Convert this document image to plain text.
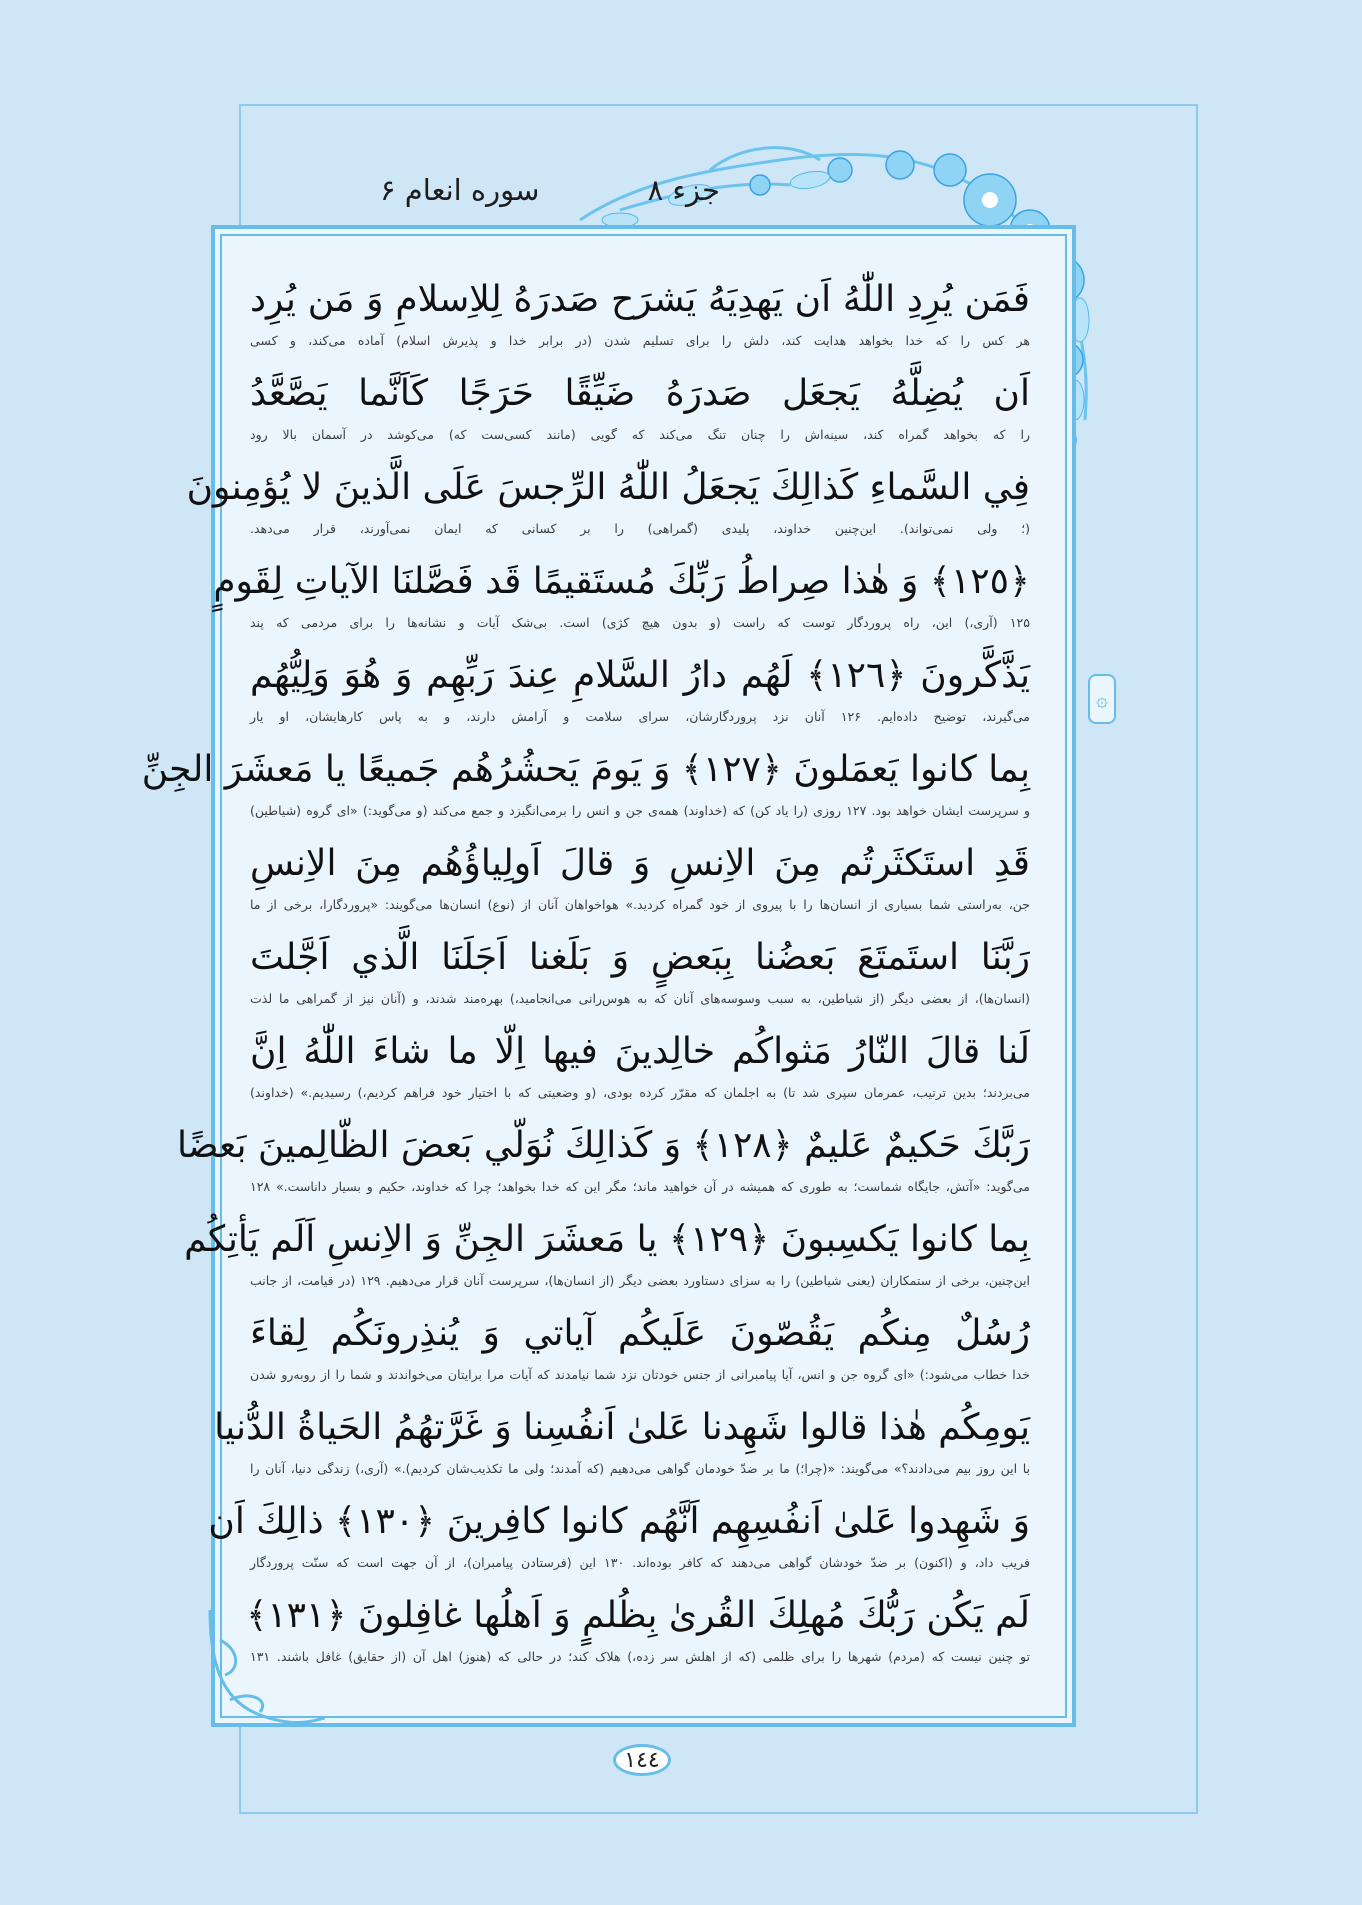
جزء ۸
سوره انعام ۶
۞
فَمَن يُرِدِ اللّٰهُ اَن يَهدِيَهُ يَشرَح صَدرَهُ لِلاِسلامِ وَ مَن يُرِد
هر کس را که خدا بخواهد هدایت کند، دلش را برای تسلیم شدن (در برابر خدا و پذیرش اسلام) آماده می‌کند، و کسی
اَن يُضِلَّهُ يَجعَل صَدرَهُ ضَيِّقًا حَرَجًا كَاَنَّما يَصَّعَّدُ
را که بخواهد گمراه کند، سینه‌اش را چنان تنگ می‌کند که گویی (مانند کسی‌ست که) می‌کوشد در آسمان بالا رود
فِي السَّماءِ كَذالِكَ يَجعَلُ اللّٰهُ الرِّجسَ عَلَى الَّذينَ لا يُؤمِنونَ
(؛ ولی نمی‌تواند). این‌چنین خداوند، پلیدی (گمراهی) را بر کسانی که ایمان نمی‌آورند، قرار می‌دهد.
﴿١٢٥﴾ وَ هٰذا صِراطُ رَبِّكَ مُستَقيمًا قَد فَصَّلنَا الآياتِ لِقَومٍ
۱۲۵ (آری،) این، راه پروردگار توست که راست (و بدون هیچ کژی) است. بی‌شک آیات و نشانه‌ها را برای مردمی که پند
يَذَّكَّرونَ ﴿١٢٦﴾ لَهُم دارُ السَّلامِ عِندَ رَبِّهِم وَ هُوَ وَلِيُّهُم
می‌گیرند، توضیح داده‌ایم. ۱۲۶ آنان نزد پروردگارشان، سرای سلامت و آرامش دارند، و به پاس کارهایشان، او یار
بِما كانوا يَعمَلونَ ﴿١٢٧﴾ وَ يَومَ يَحشُرُهُم جَميعًا يا مَعشَرَ الجِنِّ
و سرپرست ایشان خواهد بود. ۱۲۷ روزی (را یاد کن) که (خداوند) همه‌ی جن و انس را برمی‌انگیزد و جمع می‌کند (و می‌گوید:) «ای گروه (شیاطین)
قَدِ استَكثَرتُم مِنَ الاِنسِ وَ قالَ اَولِياؤُهُم مِنَ الاِنسِ
جن، به‌راستی شما بسیاری از انسان‌ها را با پیروی از خود گمراه کردید.» هواخواهان آنان از (نوع) انسان‌ها می‌گویند: «پروردگارا، برخی از ما
رَبَّنَا استَمتَعَ بَعضُنا بِبَعضٍ وَ بَلَغنا اَجَلَنَا الَّذي اَجَّلتَ
(انسان‌ها)، از بعضی دیگر (از شیاطین، به سبب وسوسه‌های آنان که به هوس‌رانی می‌انجامید،) بهره‌مند شدند، و (آنان نیز از گمراهی ما لذت
لَنا قالَ النّارُ مَثواكُم خالِدينَ فيها اِلّا ما شاءَ اللّٰهُ اِنَّ
می‌بردند؛ بدین ترتیب، عمرمان سپری شد تا) به اجلمان که مقرّر کرده بودی، (و وضعیتی که با اختیار خود فراهم کردیم،) رسیدیم.» (خداوند)
رَبَّكَ حَكيمٌ عَليمٌ ﴿١٢٨﴾ وَ كَذالِكَ نُوَلّي بَعضَ الظّالِمينَ بَعضًا
می‌گوید: «آتش، جایگاه شماست؛ به طوری که همیشه در آن خواهید ماند؛ مگر این که خدا بخواهد؛ چرا که خداوند، حکیم و بسیار داناست.» ۱۲۸
بِما كانوا يَكسِبونَ ﴿١٢٩﴾ يا مَعشَرَ الجِنِّ وَ الاِنسِ اَلَم يَأتِكُم
این‌چنین، برخی از ستمکاران (یعنی شیاطین) را به سزای دستاورد بعضی دیگر (از انسان‌ها)، سرپرست آنان قرار می‌دهیم. ۱۲۹ (در قیامت، از جانب
رُسُلٌ مِنكُم يَقُصّونَ عَلَيكُم آياتي وَ يُنذِرونَكُم لِقاءَ
خدا خطاب می‌شود:) «ای گروه جن و انس، آیا پیامبرانی از جنس خودتان نزد شما نیامدند که آیات مرا برایتان می‌خواندند و شما را از روبه‌رو شدن
يَومِكُم هٰذا قالوا شَهِدنا عَلىٰ اَنفُسِنا وَ غَرَّتهُمُ الحَياةُ الدُّنيا
با این روز بیم می‌دادند؟» می‌گویند: «(چرا؛) ما بر ضدّ خودمان گواهی می‌دهیم (که آمدند؛ ولی ما تکذیب‌شان کردیم).» (آری،) زندگی دنیا، آنان را
وَ شَهِدوا عَلىٰ اَنفُسِهِم اَنَّهُم كانوا كافِرينَ ﴿١٣٠﴾ ذالِكَ اَن
فریب داد، و (اکنون) بر ضدّ خودشان گواهی می‌دهند که کافر بوده‌اند. ۱۳۰ این (فرستادن پیامبران)، از آن جهت است که سنّت پروردگار
لَم يَكُن رَبُّكَ مُهلِكَ القُرىٰ بِظُلمٍ وَ اَهلُها غافِلونَ ﴿١٣١﴾
تو چنین نیست که (مردم) شهرها را برای ظلمی (که از اهلش سر زده،) هلاک کند؛ در حالی که (هنوز) اهل آن (از حقایق) غافل باشند. ۱۳۱
١٤٤
